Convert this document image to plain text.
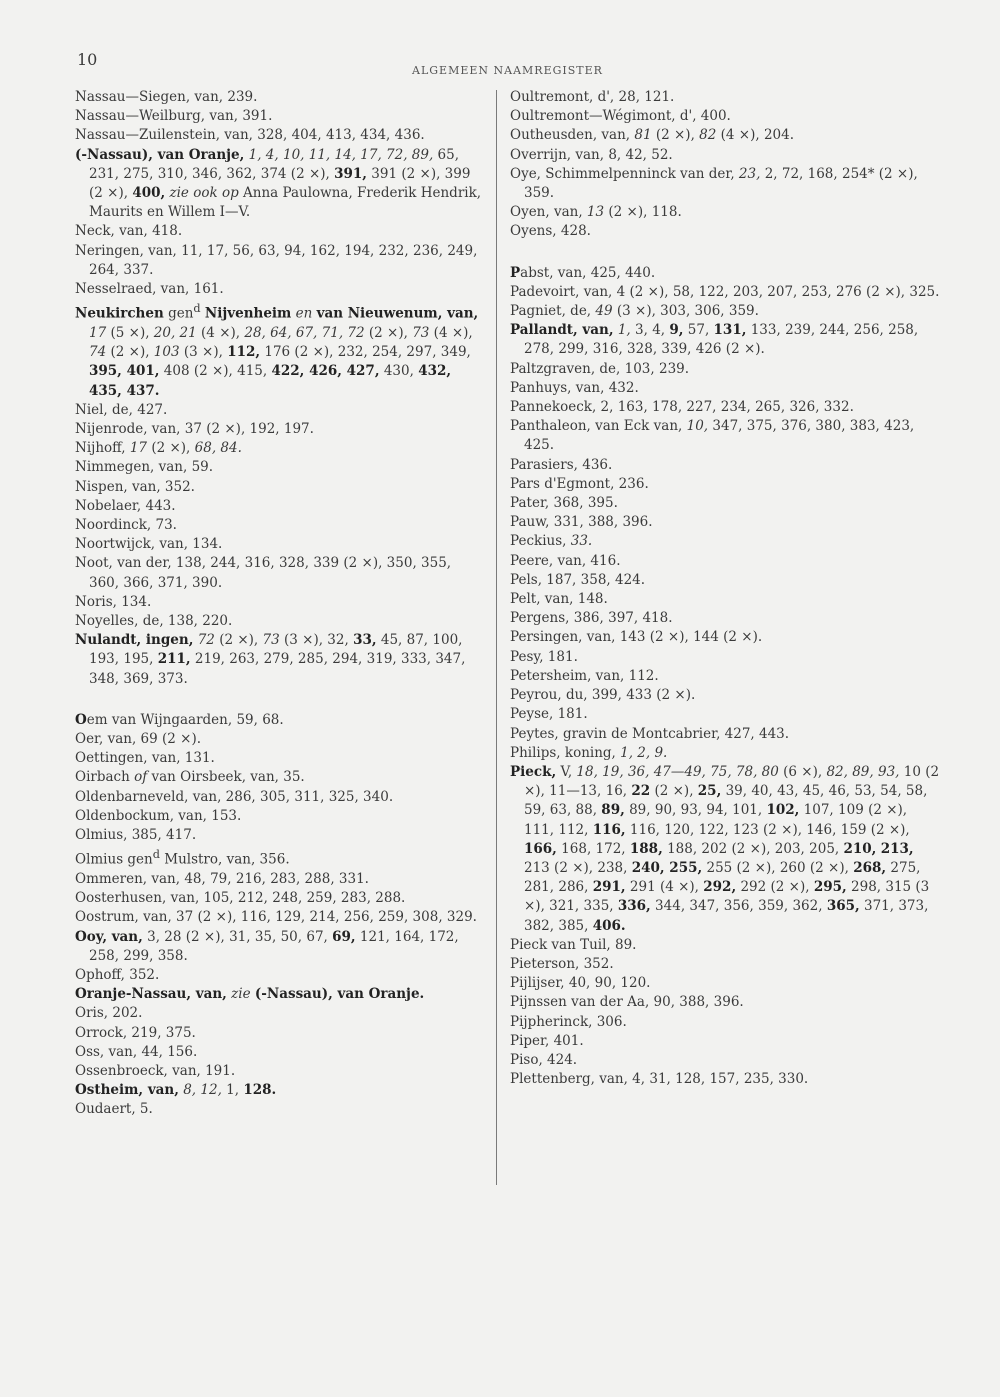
10
ALGEMEEN NAAMREGISTER
Nassau—Siegen, van, 239.
Nassau—Weilburg, van, 391.
Nassau—Zuilenstein, van, 328, 404, 413, 434, 436.
(-Nassau), van Oranje, 1, 4, 10, 11, 14, 17, 72, 89, 65, 231, 275, 310, 346, 362, 374 (2 ×), 391, 391 (2 ×), 399 (2 ×), 400, zie ook op Anna Paulowna, Frederik Hendrik, Maurits en Willem I—V.
Neck, van, 418.
Neringen, van, 11, 17, 56, 63, 94, 162, 194, 232, 236, 249, 264, 337.
Nesselraed, van, 161.
Neukirchen gen$^d$ Nijvenheim en van Nieuwenum, van, 17 (5 ×), 20, 21 (4 ×), 28, 64, 67, 71, 72 (2 ×), 73 (4 ×), 74 (2 ×), 103 (3 ×), 112, 176 (2 ×), 232, 254, 297, 349, 395, 401, 408 (2 ×), 415, 422, 426, 427, 430, 432, 435, 437.
Niel, de, 427.
Nijenrode, van, 37 (2 ×), 192, 197.
Nijhoff, 17 (2 ×), 68, 84.
Nimmegen, van, 59.
Nispen, van, 352.
Nobelaer, 443.
Noordinck, 73.
Noortwijck, van, 134.
Noot, van der, 138, 244, 316, 328, 339 (2 ×), 350, 355, 360, 366, 371, 390.
Noris, 134.
Noyelles, de, 138, 220.
Nulandt, ingen, 72 (2 ×), 73 (3 ×), 32, 33, 45, 87, 100, 193, 195, 211, 219, 263, 279, 285, 294, 319, 333, 347, 348, 369, 373.
Oem van Wijngaarden, 59, 68.
Oer, van, 69 (2 ×).
Oettingen, van, 131.
Oirbach of van Oirsbeek, van, 35.
Oldenbarneveld, van, 286, 305, 311, 325, 340.
Oldenbockum, van, 153.
Olmius, 385, 417.
Olmius gen$^d$ Mulstro, van, 356.
Ommeren, van, 48, 79, 216, 283, 288, 331.
Oosterhusen, van, 105, 212, 248, 259, 283, 288.
Oostrum, van, 37 (2 ×), 116, 129, 214, 256, 259, 308, 329.
Ooy, van, 3, 28 (2 ×), 31, 35, 50, 67, 69, 121, 164, 172, 258, 299, 358.
Ophoff, 352.
Oranje-Nassau, van, zie (-Nassau), van Oranje.
Oris, 202.
Orrock, 219, 375.
Oss, van, 44, 156.
Ossenbroeck, van, 191.
Ostheim, van, 8, 12, 1, 128.
Oudaert, 5.
Oultremont, d', 28, 121.
Oultremont—Wégimont, d', 400.
Outheusden, van, 81 (2 ×), 82 (4 ×), 204.
Overrijn, van, 8, 42, 52.
Oye, Schimmelpenninck van der, 23, 2, 72, 168, 254* (2 ×), 359.
Oyen, van, 13 (2 ×), 118.
Oyens, 428.
Pabst, van, 425, 440.
Padevoirt, van, 4 (2 ×), 58, 122, 203, 207, 253, 276 (2 ×), 325.
Pagniet, de, 49 (3 ×), 303, 306, 359.
Pallandt, van, 1, 3, 4, 9, 57, 131, 133, 239, 244, 256, 258, 278, 299, 316, 328, 339, 426 (2 ×).
Paltzgraven, de, 103, 239.
Panhuys, van, 432.
Pannekoeck, 2, 163, 178, 227, 234, 265, 326, 332.
Panthaleon, van Eck van, 10, 347, 375, 376, 380, 383, 423, 425.
Parasiers, 436.
Pars d'Egmont, 236.
Pater, 368, 395.
Pauw, 331, 388, 396.
Peckius, 33.
Peere, van, 416.
Pels, 187, 358, 424.
Pelt, van, 148.
Pergens, 386, 397, 418.
Persingen, van, 143 (2 ×), 144 (2 ×).
Pesy, 181.
Petersheim, van, 112.
Peyrou, du, 399, 433 (2 ×).
Peyse, 181.
Peytes, gravin de Montcabrier, 427, 443.
Philips, koning, 1, 2, 9.
Pieck, V, 18, 19, 36, 47—49, 75, 78, 80 (6 ×), 82, 89, 93, 10 (2 ×), 11—13, 16, 22 (2 ×), 25, 39, 40, 43, 45, 46, 53, 54, 58, 59, 63, 88, 89, 89, 90, 93, 94, 101, 102, 107, 109 (2 ×), 111, 112, 116, 116, 120, 122, 123 (2 ×), 146, 159 (2 ×), 166, 168, 172, 188, 188, 202 (2 ×), 203, 205, 210, 213, 213 (2 ×), 238, 240, 255, 255 (2 ×), 260 (2 ×), 268, 275, 281, 286, 291, 291 (4 ×), 292, 292 (2 ×), 295, 298, 315 (3 ×), 321, 335, 336, 344, 347, 356, 359, 362, 365, 371, 373, 382, 385, 406.
Pieck van Tuil, 89.
Pieterson, 352.
Pijlijser, 40, 90, 120.
Pijnssen van der Aa, 90, 388, 396.
Pijpherinck, 306.
Piper, 401.
Piso, 424.
Plettenberg, van, 4, 31, 128, 157, 235, 330.
